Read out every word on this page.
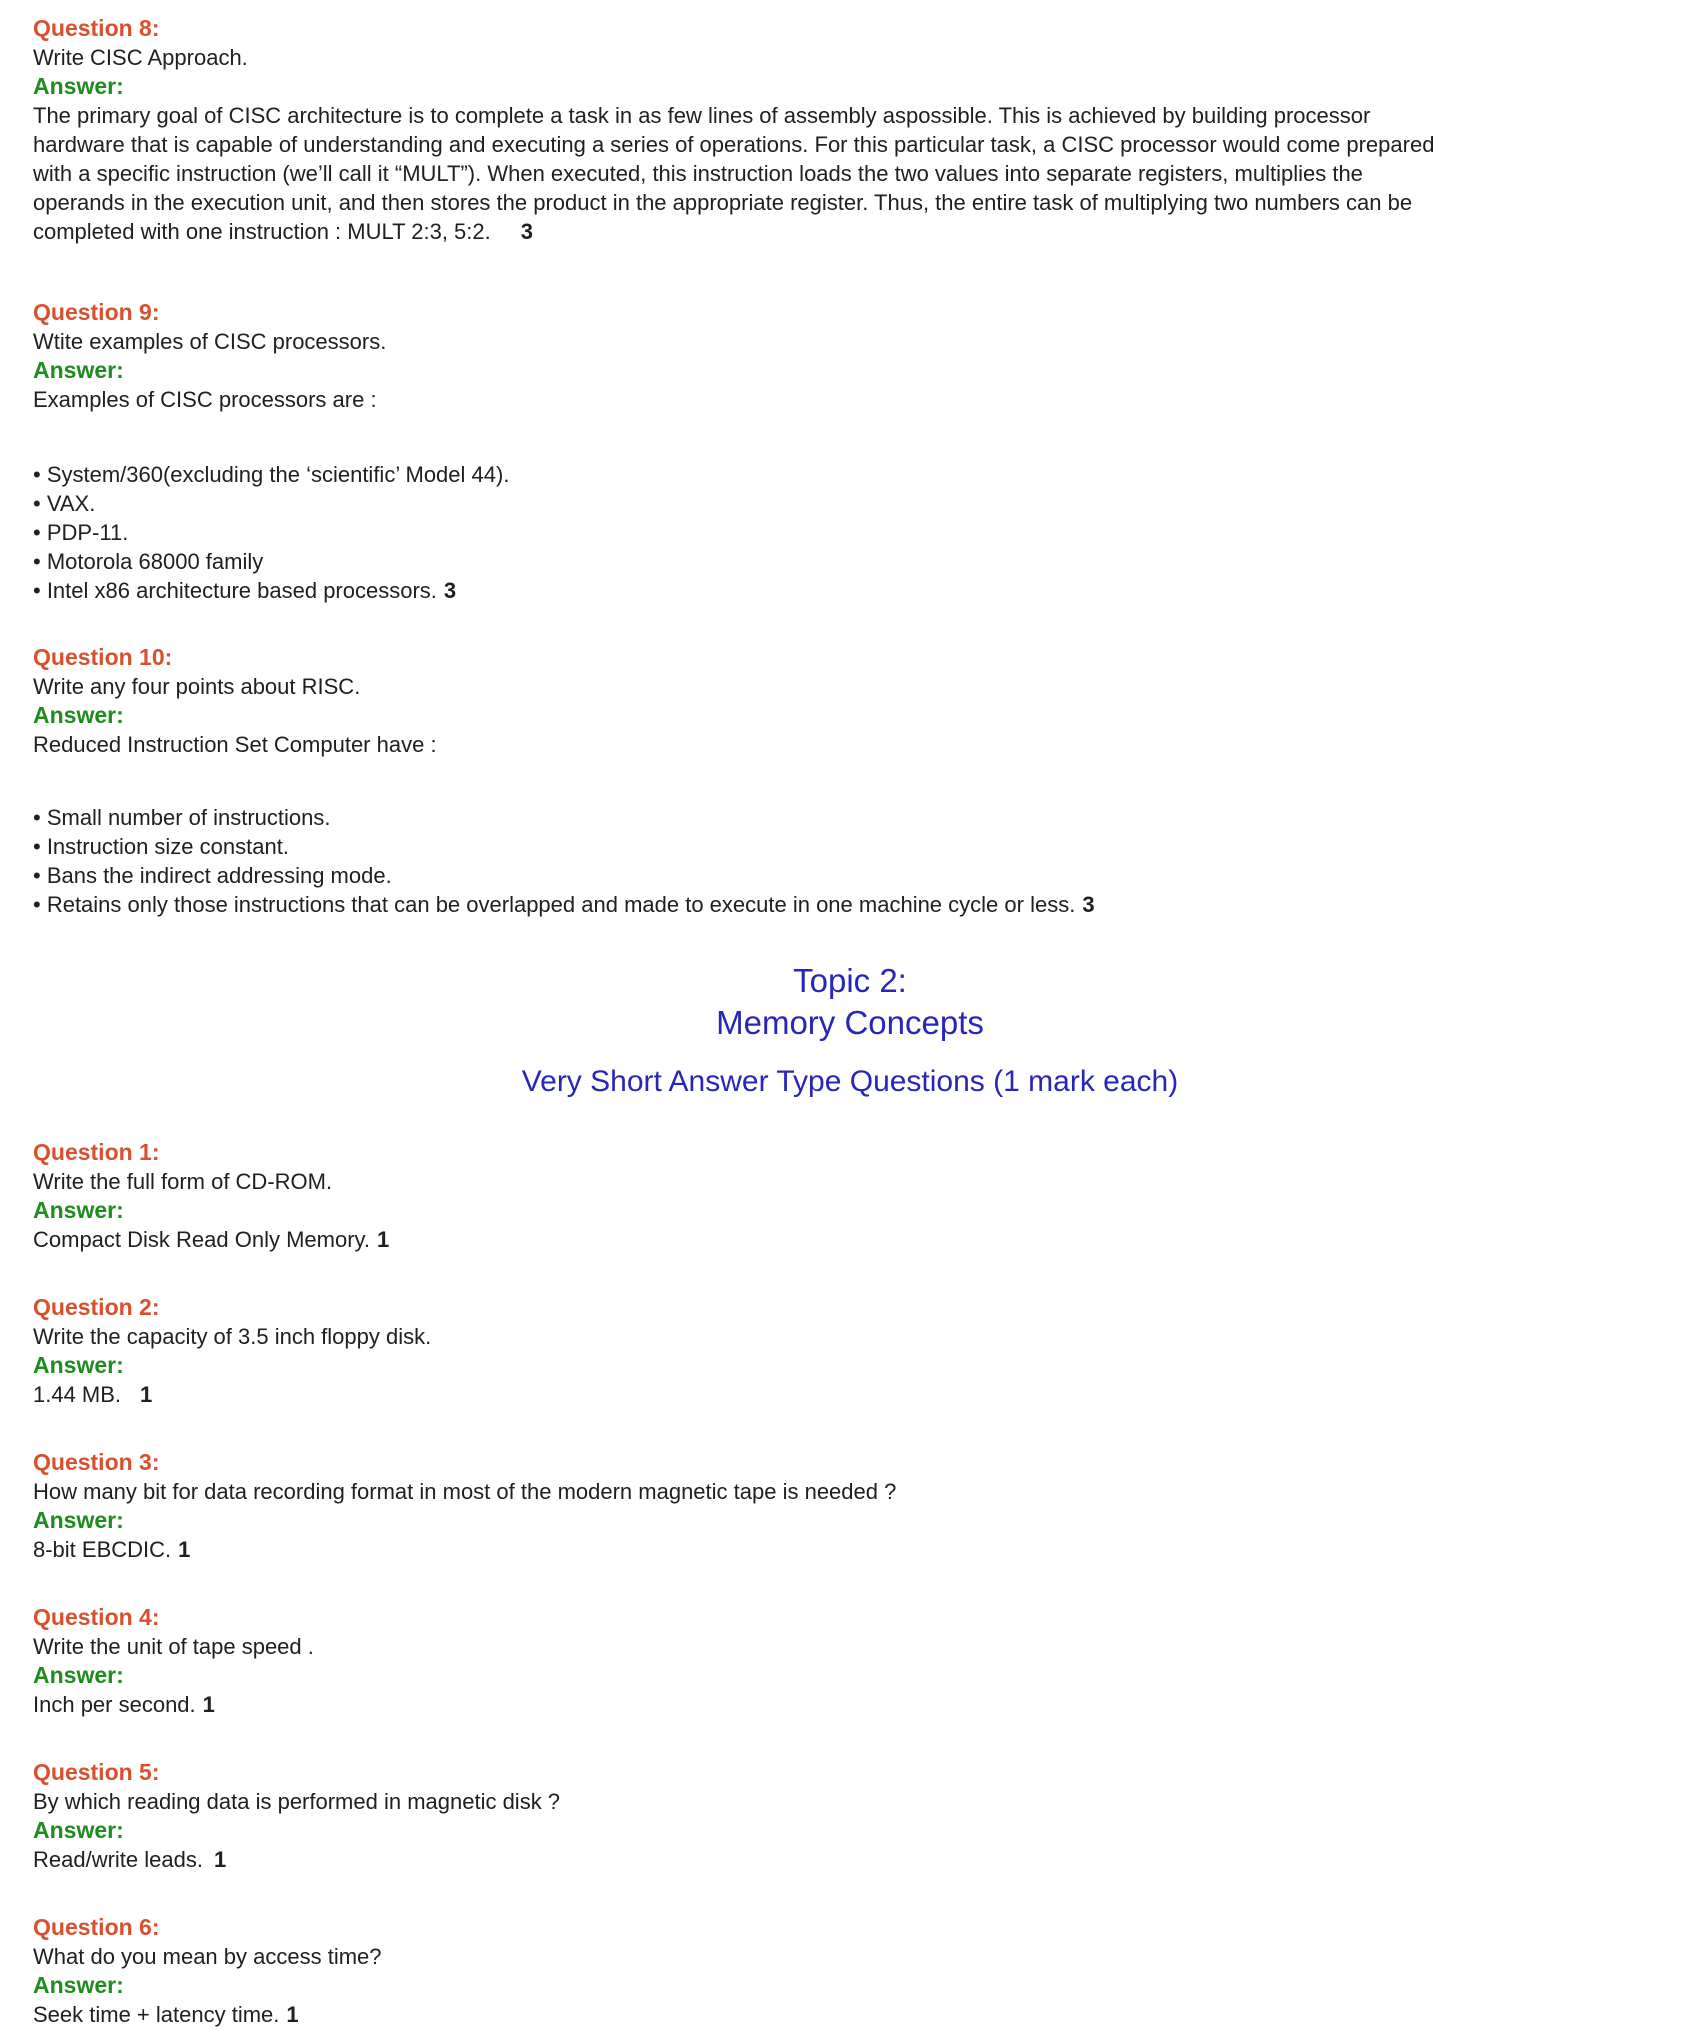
Question 8:
Write CISC Approach.
Answer:
The primary goal of CISC architecture is to complete a task in as few lines of assembly aspossible. This is achieved by building processor
hardware that is capable of understanding and executing a series of operations. For this particular task, a CISC processor would come prepared
with a specific instruction (we’ll call it “MULT”). When executed, this instruction loads the two values into separate registers, multiplies the
operands in the execution unit, and then stores the product in the appropriate register. Thus, the entire task of multiplying two numbers can be
completed with one instruction : MULT 2:3, 5:2. 3
Question 9:
Wtite examples of CISC processors.
Answer:
Examples of CISC processors are :
• System/360(excluding the ‘scientific’ Model 44).
• VAX.
• PDP-11.
• Motorola 68000 family
• Intel x86 architecture based processors. 3
Question 10:
Write any four points about RISC.
Answer:
Reduced Instruction Set Computer have :
• Small number of instructions.
• Instruction size constant.
• Bans the indirect addressing mode.
• Retains only those instructions that can be overlapped and made to execute in one machine cycle or less. 3
Topic 2:
Memory Concepts
Very Short Answer Type Questions (1 mark each)
Question 1:
Write the full form of CD-ROM.
Answer:
Compact Disk Read Only Memory. 1
Question 2:
Write the capacity of 3.5 inch floppy disk.
Answer:
1.44 MB. 1
Question 3:
How many bit for data recording format in most of the modern magnetic tape is needed ?
Answer:
8-bit EBCDIC. 1
Question 4:
Write the unit of tape speed .
Answer:
Inch per second. 1
Question 5:
By which reading data is performed in magnetic disk ?
Answer:
Read/write leads. 1
Question 6:
What do you mean by access time?
Answer:
Seek time + latency time. 1
